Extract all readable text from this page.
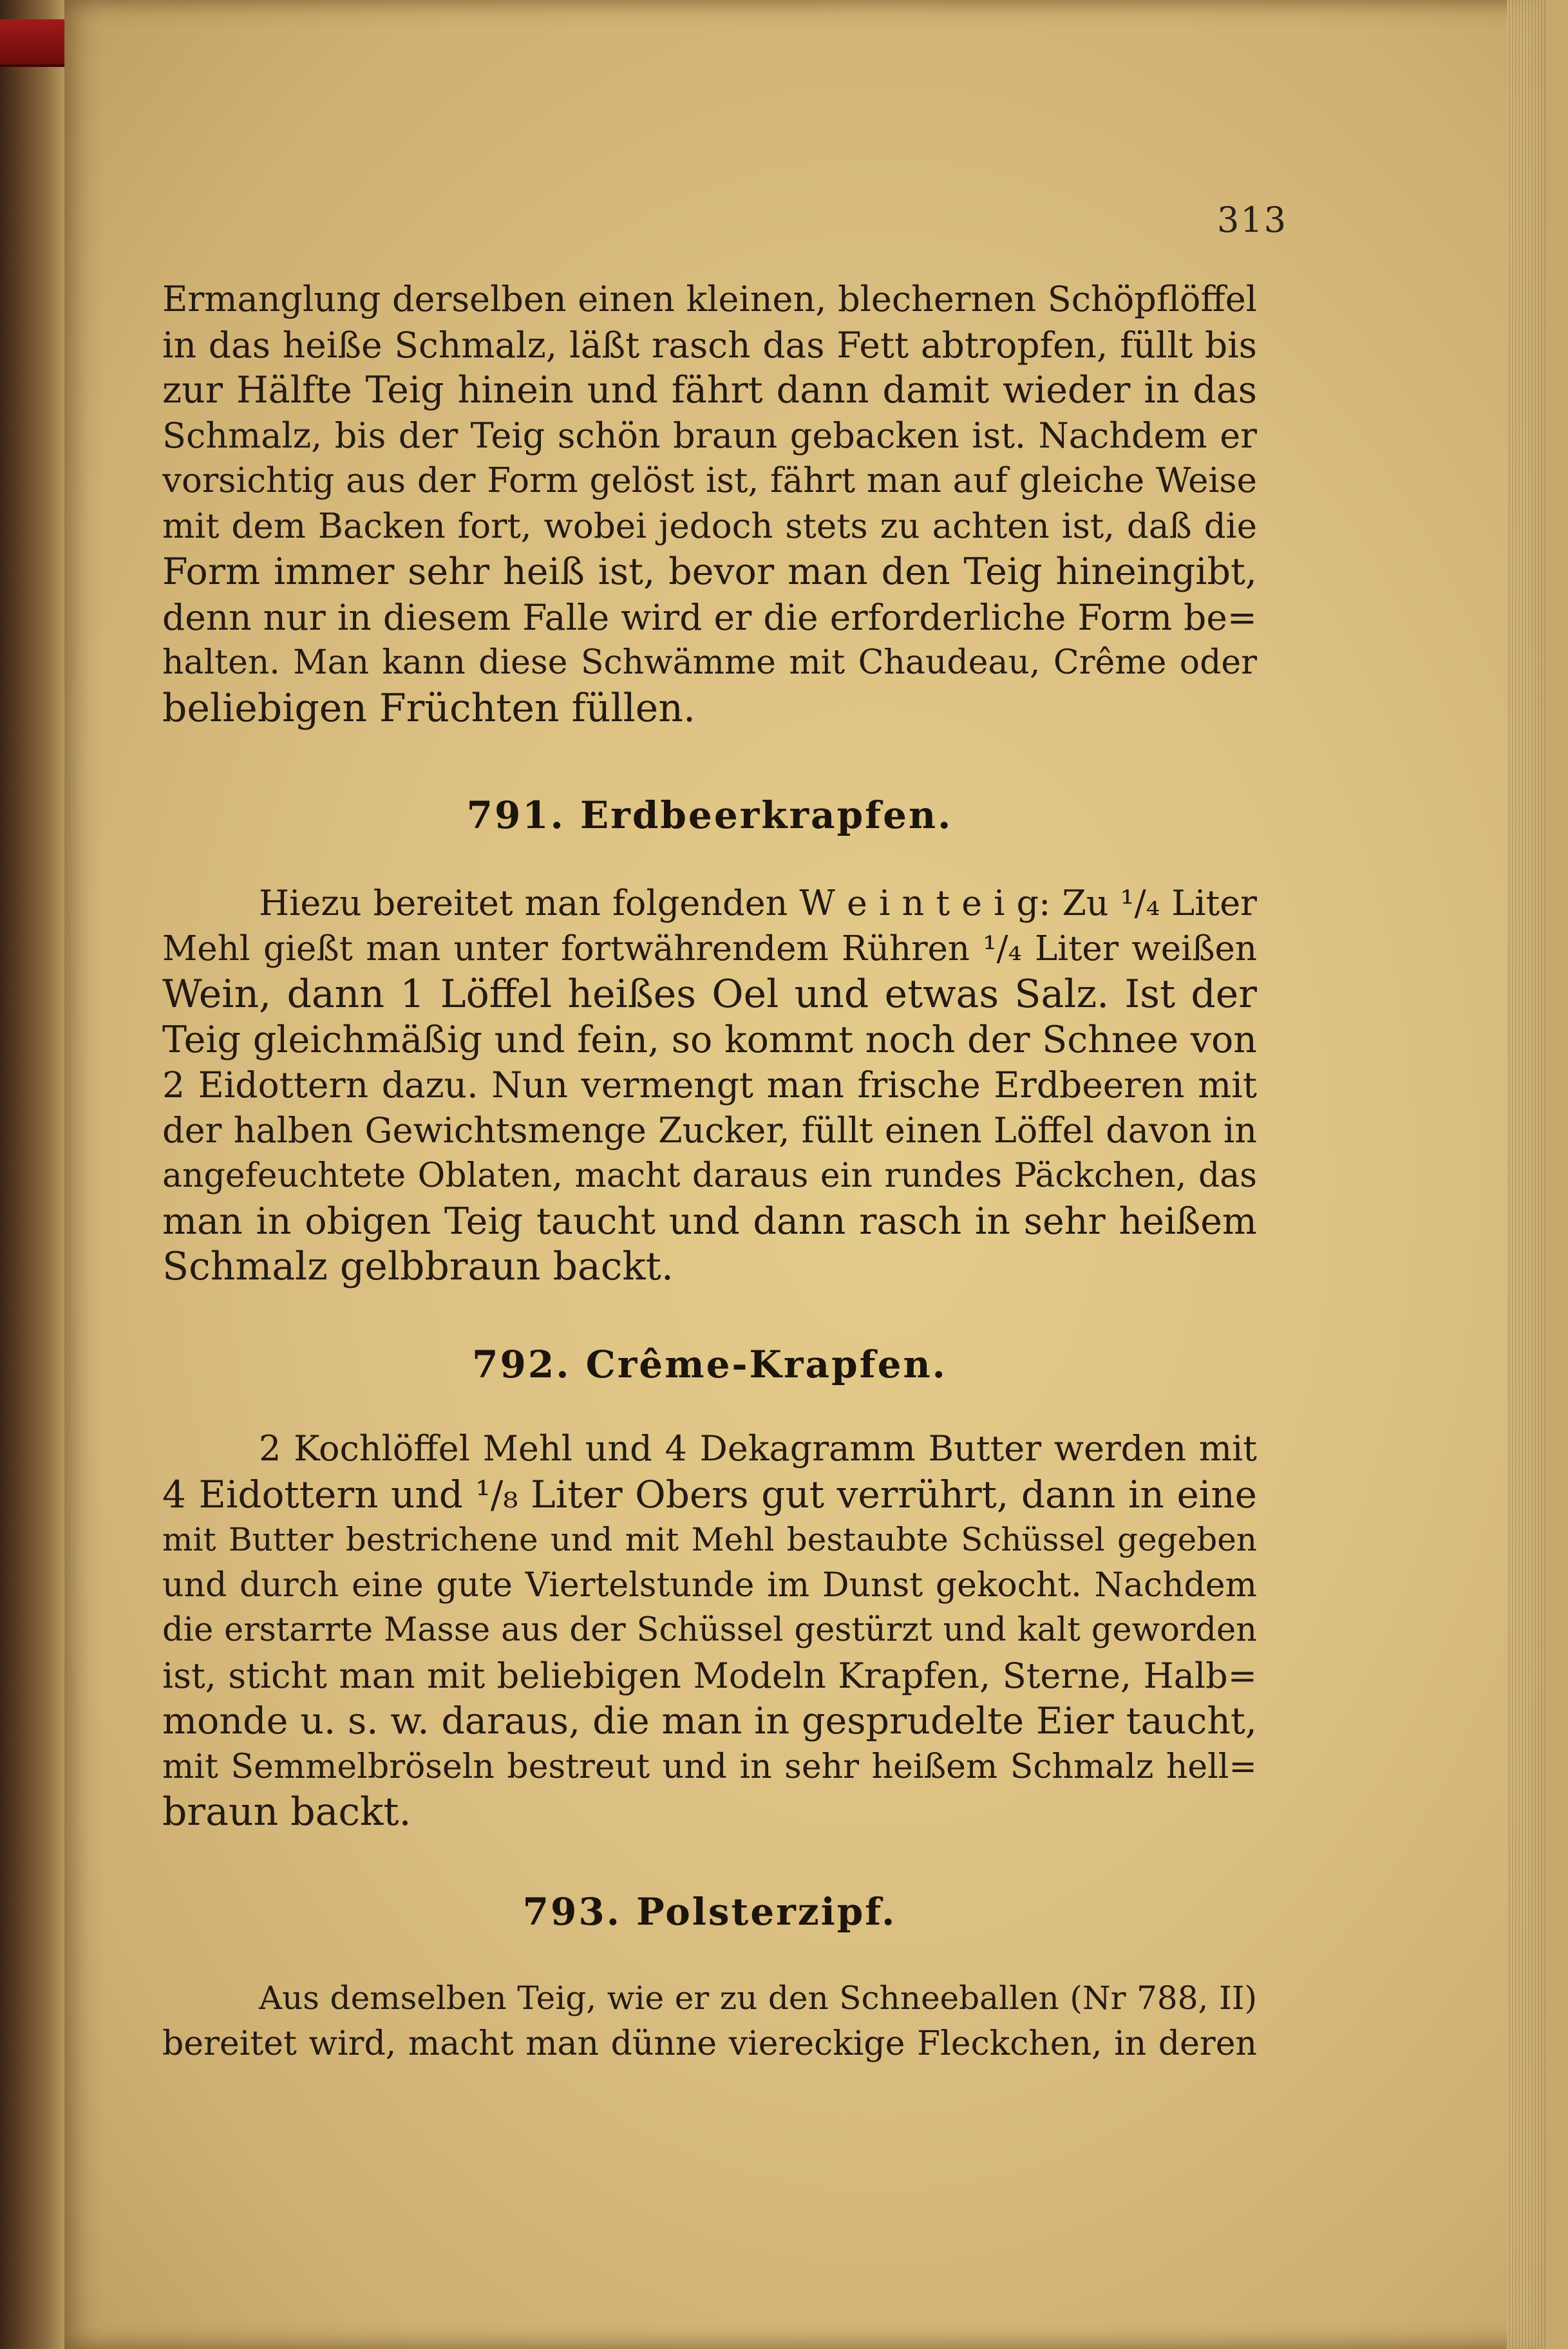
313
Ermanglung derselben einen kleinen, blechernen Schöpflöffel
in das heiße Schmalz, läßt rasch das Fett abtropfen, füllt bis
zur Hälfte Teig hinein und fährt dann damit wieder in das
Schmalz, bis der Teig schön braun gebacken ist. Nachdem er
vorsichtig aus der Form gelöst ist, fährt man auf gleiche Weise
mit dem Backen fort, wobei jedoch stets zu achten ist, daß die
Form immer sehr heiß ist, bevor man den Teig hineingibt,
denn nur in diesem Falle wird er die erforderliche Form be=
halten. Man kann diese Schwämme mit Chaudeau, Crême oder
beliebigen Früchten füllen.
791. Erdbeerkrapfen.
Hiezu bereitet man folgenden W e i n t e i g: Zu ¹/₄ Liter
Mehl gießt man unter fortwährendem Rühren ¹/₄ Liter weißen
Wein, dann 1 Löffel heißes Oel und etwas Salz. Ist der
Teig gleichmäßig und fein, so kommt noch der Schnee von
2 Eidottern dazu. Nun vermengt man frische Erdbeeren mit
der halben Gewichtsmenge Zucker, füllt einen Löffel davon in
angefeuchtete Oblaten, macht daraus ein rundes Päckchen, das
man in obigen Teig taucht und dann rasch in sehr heißem
Schmalz gelbbraun backt.
792. Crême-Krapfen.
2 Kochlöffel Mehl und 4 Dekagramm Butter werden mit
4 Eidottern und ¹/₈ Liter Obers gut verrührt, dann in eine
mit Butter bestrichene und mit Mehl bestaubte Schüssel gegeben
und durch eine gute Viertelstunde im Dunst gekocht. Nachdem
die erstarrte Masse aus der Schüssel gestürzt und kalt geworden
ist, sticht man mit beliebigen Modeln Krapfen, Sterne, Halb=
monde u. s. w. daraus, die man in gesprudelte Eier taucht,
mit Semmelbröseln bestreut und in sehr heißem Schmalz hell=
braun backt.
793. Polsterzipf.
Aus demselben Teig, wie er zu den Schneeballen (Nr 788, II)
bereitet wird, macht man dünne viereckige Fleckchen, in deren
